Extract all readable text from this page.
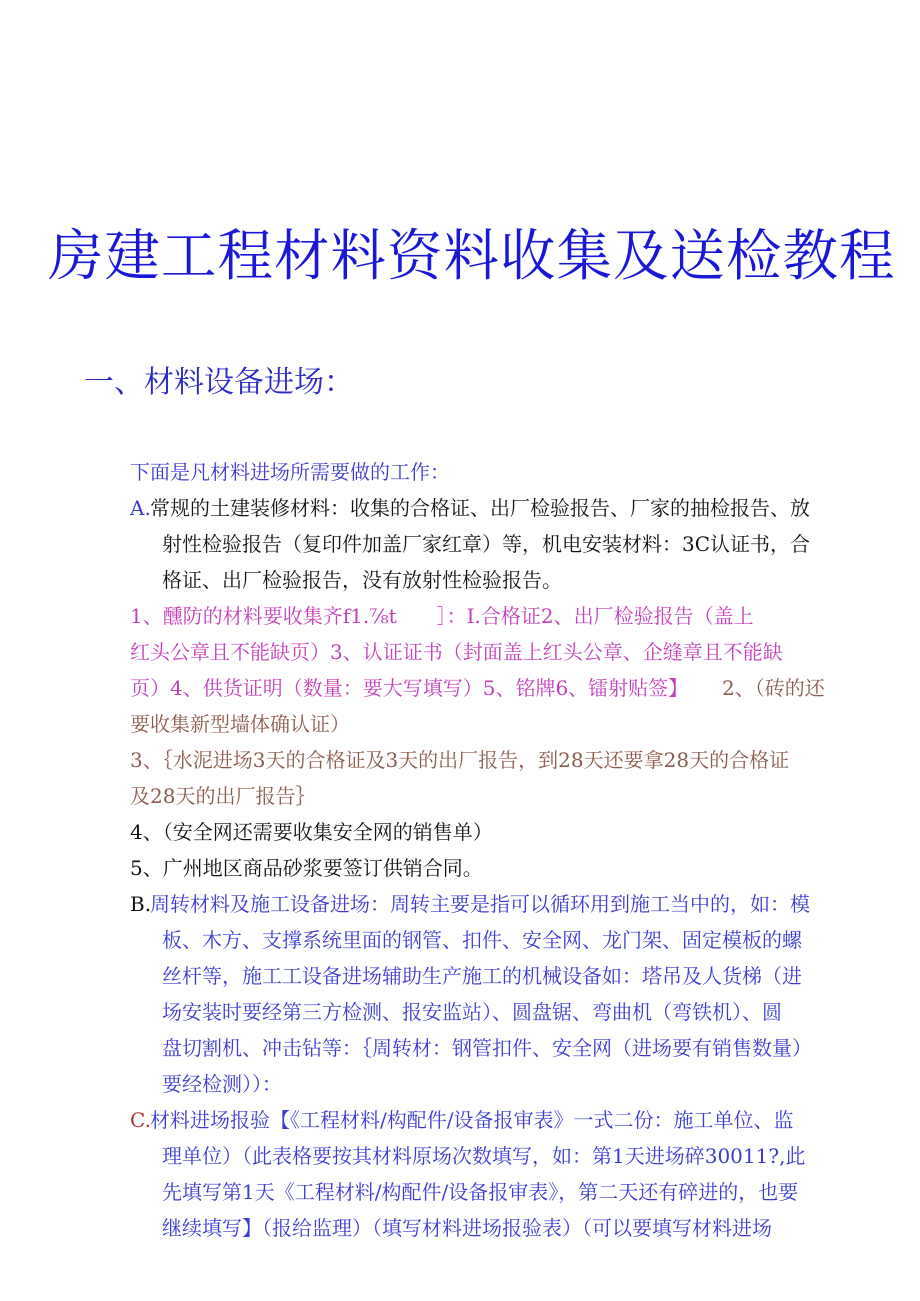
房建工程材料资料收集及送检教程
一、材料设备进场：
下面是凡材料进场所需要做的工作：
A. 常规的土建装修材料：收集的合格证、出厂检验报告、厂家的抽检报告、放
射性检验报告（复印件加盖厂家红章）等，机电安装材料：3C认证书，合
格证、出厂检验报告，没有放射性检验报告。
1、醺防的材料要收集齐f1.⅞t　　］：I.合格证2、出厂检验报告（盖上
红头公章且不能缺页）3、认证证书（封面盖上红头公章、企缝章且不能缺
页）4、供货证明（数量：要大写填写）5、铭牌6、镭射贴签】 2、（砖的还
要收集新型墙体确认证）
3、｛水泥进场3天的合格证及3天的出厂报告，到28天还要拿28天的合格证
及28天的出厂报告｝
4、（安全网还需要收集安全网的销售单）
5、广州地区商品砂浆要签订供销合同。
B.
周转材料及施工设备进场：周转主要是指可以循环用到施工当中的，如：模
板、木方、支撑系统里面的钢管、扣件、安全网、龙门架、固定模板的螺
丝杆等，施工工设备进场辅助生产施工的机械设备如：塔吊及人货梯（进
场安装时要经第三方检测、报安监站）、圆盘锯、弯曲机（弯铁机）、圆
盘切割机、冲击钻等：｛周转材：钢管扣件、安全网（进场要有销售数量）
要经检测））：
C. 材料进场报验【《工程材料/构配件/设备报审表》一式二份：施工单位、监
理单位）（此表格要按其材料原场次数填写，如：第1天进场碎30011?,此
先填写第1天《工程材料/构配件/设备报审表》，第二天还有碎进的，也要
继续填写】（报给监理）（填写材料进场报验表）（可以要填写材料进场
